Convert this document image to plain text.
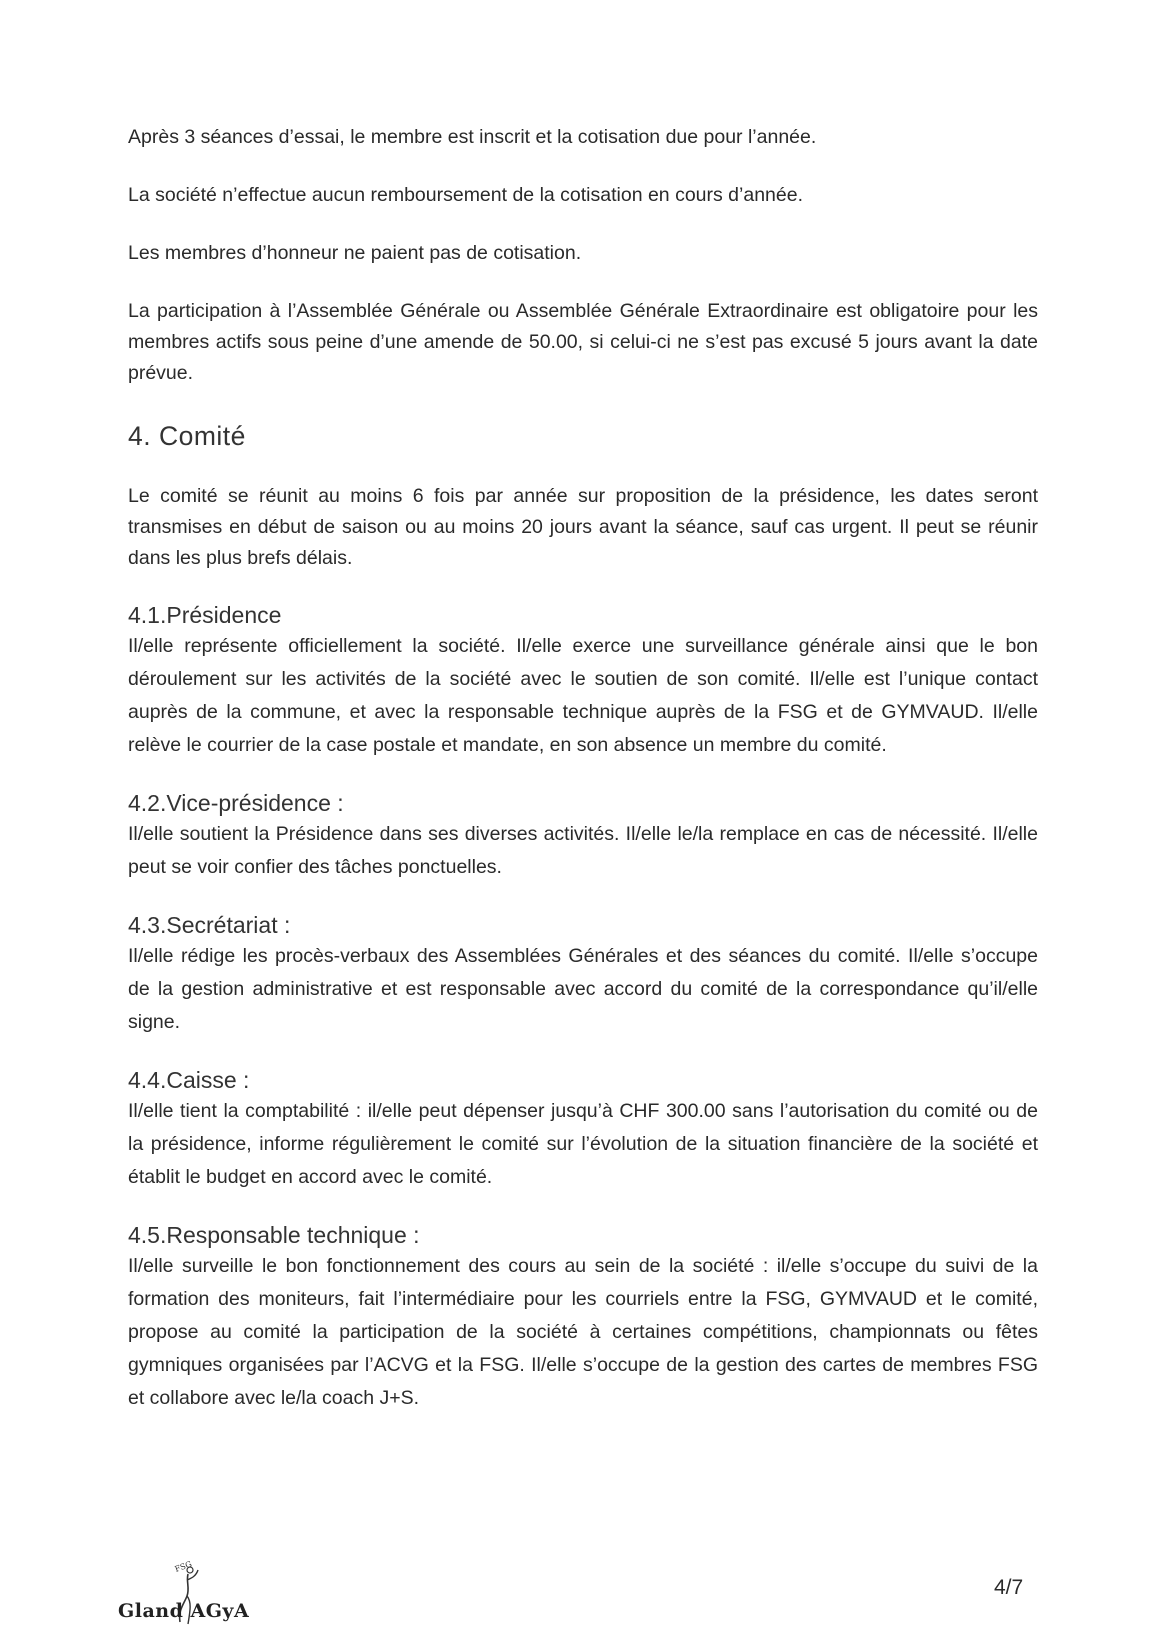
Après 3 séances d’essai, le membre est inscrit et la cotisation due pour l’année.

La société n’effectue aucun remboursement de la cotisation en cours d’année.

Les membres d’honneur ne paient pas de cotisation.

La participation à l’Assemblée Générale ou Assemblée Générale Extraordinaire est obligatoire pour les membres actifs sous peine d’une amende de 50.00, si celui-ci ne s’est pas excusé 5 jours avant la date prévue.

4. Comité

Le comité se réunit au moins 6 fois par année sur proposition de la présidence, les dates seront transmises en début de saison ou au moins 20 jours avant la séance, sauf cas urgent. Il peut se réunir dans les plus brefs délais.

4.1.Présidence

Il/elle représente officiellement la société. Il/elle exerce une surveillance générale ainsi que le bon déroulement sur les activités de la société avec le soutien de son comité. Il/elle est l’unique contact auprès de la commune, et avec la responsable technique auprès de la FSG et de GYMVAUD. Il/elle relève le courrier de la case postale et mandate, en son absence un membre du comité.

4.2.Vice-présidence :

Il/elle soutient la Présidence dans ses diverses activités. Il/elle le/la remplace en cas de nécessité. Il/elle peut se voir confier des tâches ponctuelles.

4.3.Secrétariat :

Il/elle rédige les procès-verbaux des Assemblées Générales et des séances du comité. Il/elle s’occupe de la gestion administrative et est responsable avec accord du comité de la correspondance qu’il/elle signe.

4.4.Caisse :

Il/elle tient la comptabilité : il/elle peut dépenser jusqu’à CHF 300.00 sans l’autorisation du comité ou de la présidence, informe régulièrement le comité sur l’évolution de la situation financière de la société et établit le budget en accord avec le comité.

4.5.Responsable technique :

Il/elle surveille le bon fonctionnement des cours au sein de la société : il/elle s’occupe du suivi de la formation des moniteurs, fait l’intermédiaire pour les courriels entre la FSG, GYMVAUD et le comité, propose au comité la participation de la société à certaines compétitions, championnats ou fêtes gymniques organisées par l’ACVG et la FSG. Il/elle s’occupe de la gestion des cartes de membres FSG et collabore avec le/la coach J+S.

FSG
Gland AGyA
4/7
